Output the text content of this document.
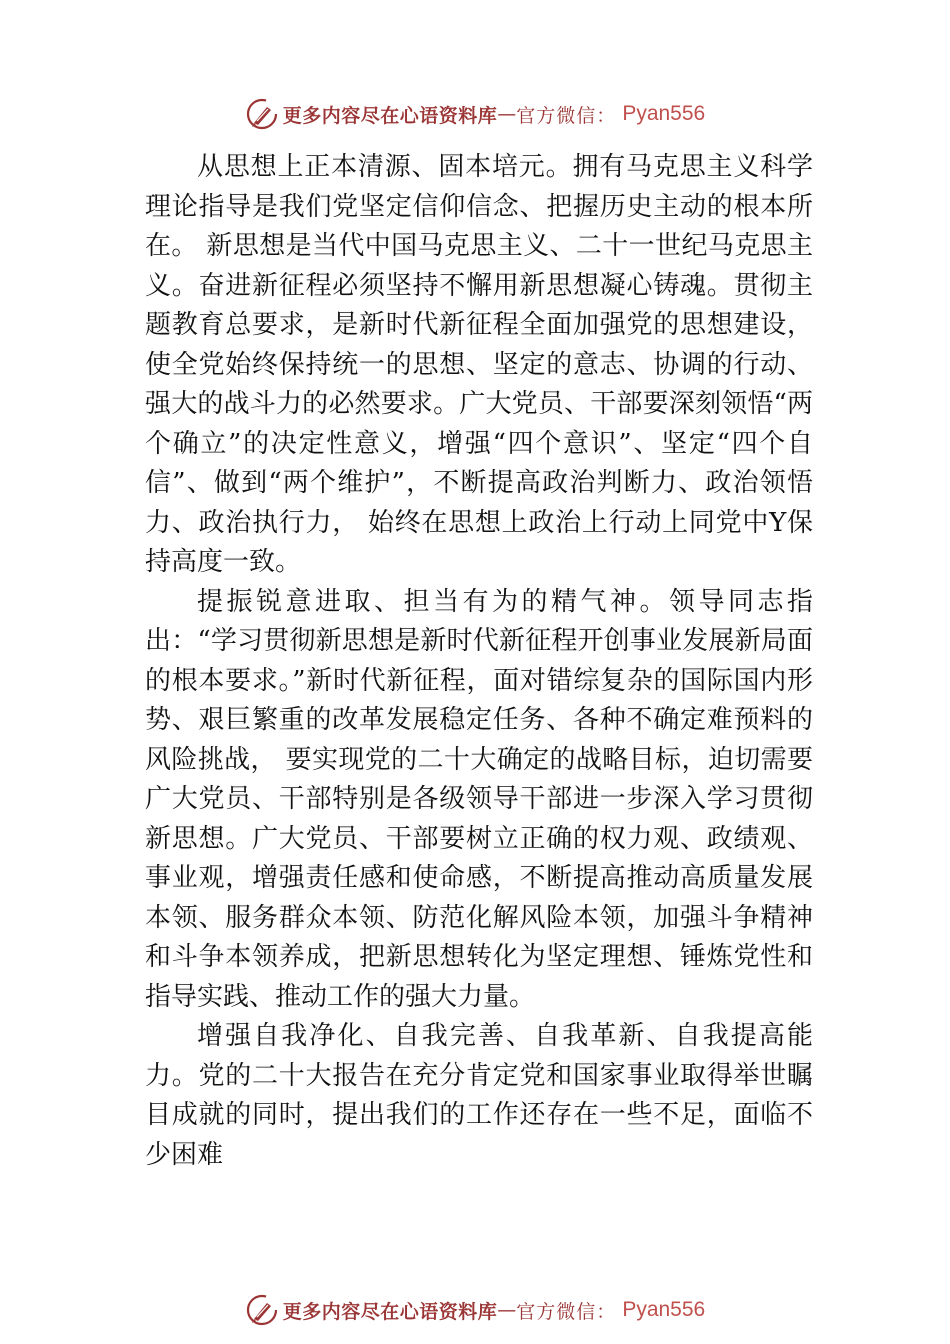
更多内容尽在心语资料库 — 官方微信： Pyan556

从思想上正本清源、固本培元。拥有马克思主义科学理论指导是我们党坚定信仰信念、把握历史主动的根本所在。 新思想是当代中国马克思主义、二十一世纪马克思主义。奋进新征程必须坚持不懈用新思想凝心铸魂。贯彻主题教育总要求，是新时代新征程全面加强党的思想建设，使全党始终保持统一的思想、坚定的意志、协调的行动、强大的战斗力的必然要求。广大党员、干部要深刻领悟“两个确立”的决定性意义，增强“四个意识”、坚定“四个自信”、做到“两个维护”，不断提高政治判断力、政治领悟力、政治执行力， 始终在思想上政治上行动上同党中Y保持高度一致。

提振锐意进取、担当有为的精气神。领导同志指出：“学习贯彻新思想是新时代新征程开创事业发展新局面的根本要求。”新时代新征程，面对错综复杂的国际国内形势、艰巨繁重的改革发展稳定任务、各种不确定难预料的风险挑战， 要实现党的二十大确定的战略目标，迫切需要广大党员、干部特别是各级领导干部进一步深入学习贯彻新思想。广大党员、干部要树立正确的权力观、政绩观、事业观，增强责任感和使命感，不断提高推动高质量发展本领、服务群众本领、防范化解风险本领，加强斗争精神和斗争本领养成，把新思想转化为坚定理想、锤炼党性和指导实践、推动工作的强大力量。

增强自我净化、自我完善、自我革新、自我提高能力。党的二十大报告在充分肯定党和国家事业取得举世瞩目成就的同时，提出我们的工作还存在一些不足，面临不少困难

更多内容尽在心语资料库 — 官方微信： Pyan556
